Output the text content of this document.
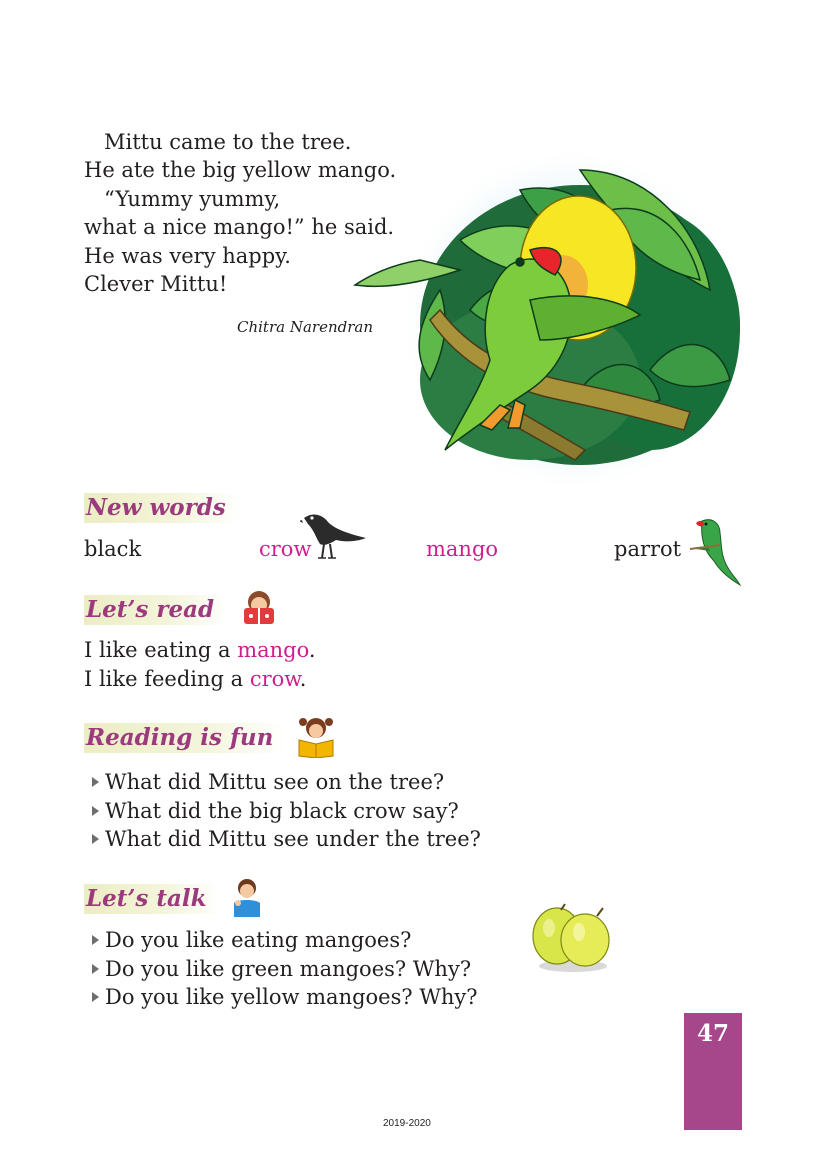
Mittu came to the tree.
He ate the big yellow mango.
“Yummy yummy,
what a nice mango!” he said.
He was very happy.
Clever Mittu!
Chitra Narendran
New words
black	crow	mango	parrot
Let’s read
I like eating a mango.
I like feeding a crow.
Reading is fun
What did Mittu see on the tree?
What did the big black crow say?
What did Mittu see under the tree?
Let’s talk
Do you like eating mangoes?
Do you like green mangoes? Why?
Do you like yellow mangoes? Why?
47
2019-2020
